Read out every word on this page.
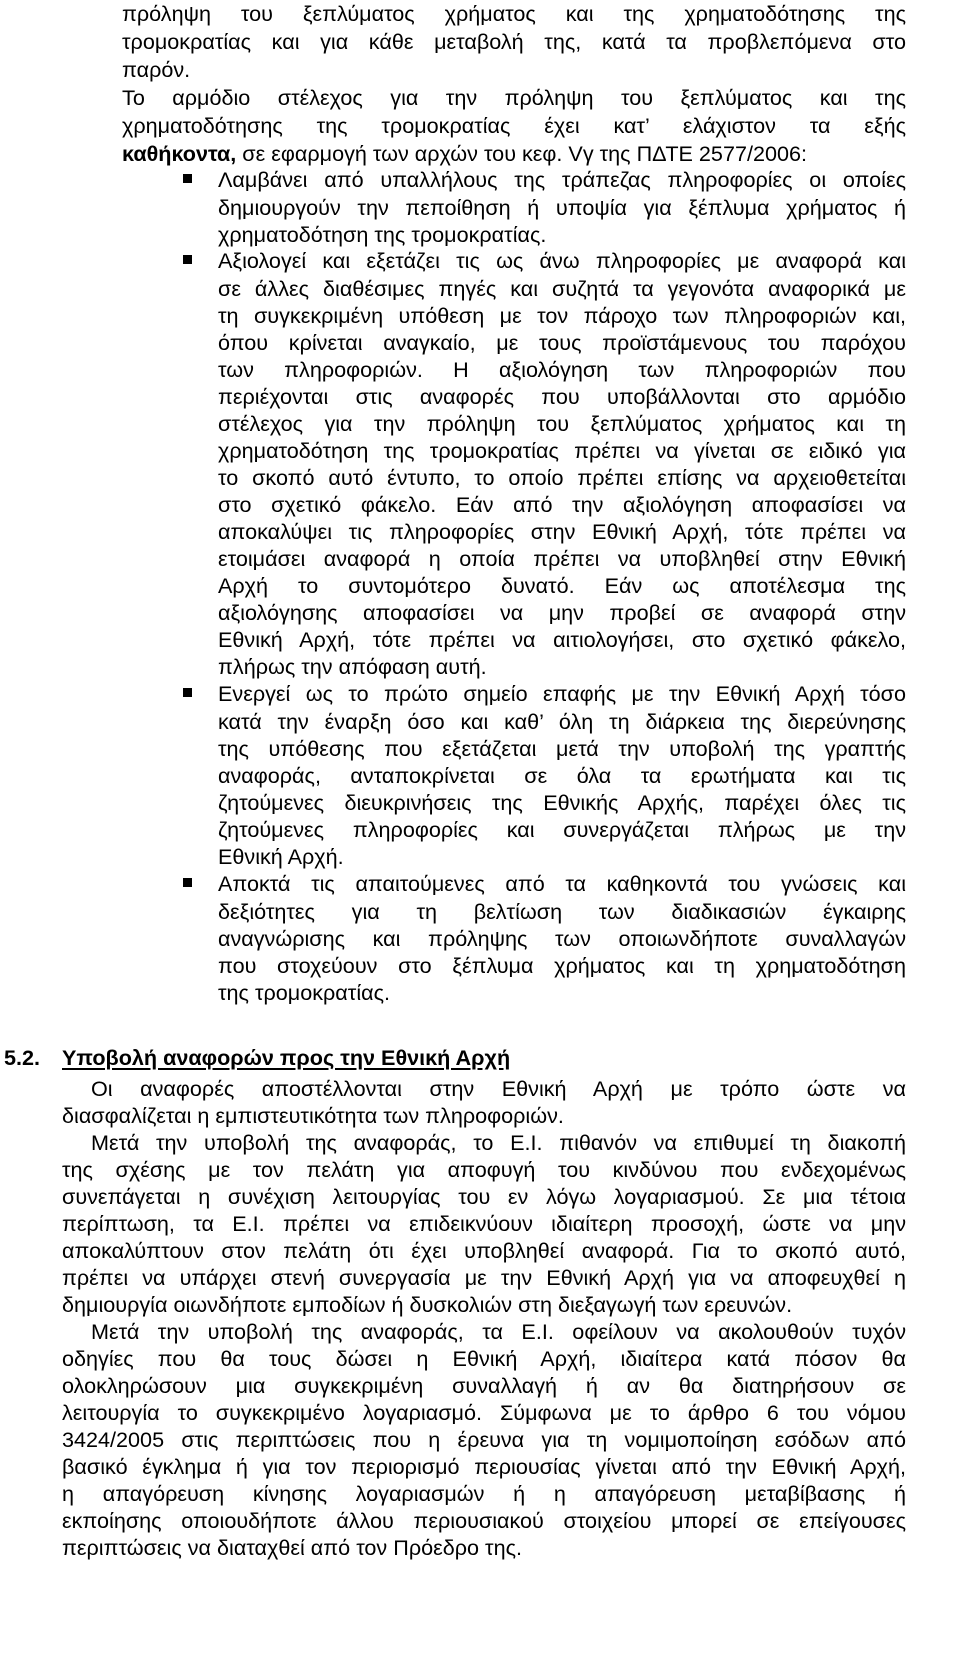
πρόληψη του ξεπλύματος χρήματος και της χρηματοδότησης της
τρομοκρατίας και για κάθε μεταβολή της, κατά τα προβλεπόμενα στο
παρόν.
Το αρμόδιο στέλεχος για την πρόληψη του ξεπλύματος και της
χρηματοδότησης της τρομοκρατίας έχει κατ’ ελάχιστον τα εξής
καθήκοντα, σε εφαρμογή των αρχών του κεφ. Vγ της ΠΔΤΕ 2577/2006:
Λαμβάνει από υπαλλήλους της τράπεζας πληροφορίες οι οποίες
δημιουργούν την πεποίθηση ή υποψία για ξέπλυμα χρήματος ή
χρηματοδότηση της τρομοκρατίας.
Αξιολογεί και εξετάζει τις ως άνω πληροφορίες με αναφορά και
σε άλλες διαθέσιμες πηγές και συζητά τα γεγονότα αναφορικά με
τη συγκεκριμένη υπόθεση με τον πάροχο των πληροφοριών και,
όπου κρίνεται αναγκαίο, με τους προϊστάμενους του παρόχου
των πληροφοριών. Η αξιολόγηση των πληροφοριών που
περιέχονται στις αναφορές που υποβάλλονται στο αρμόδιο
στέλεχος για την πρόληψη του ξεπλύματος χρήματος και τη
χρηματοδότηση της τρομοκρατίας πρέπει να γίνεται σε ειδικό για
το σκοπό αυτό έντυπο, το οποίο πρέπει επίσης να αρχειοθετείται
στο σχετικό φάκελο. Εάν από την αξιολόγηση αποφασίσει να
αποκαλύψει τις πληροφορίες στην Εθνική Αρχή, τότε πρέπει να
ετοιμάσει αναφορά η οποία πρέπει να υποβληθεί στην Εθνική
Αρχή το συντομότερο δυνατό. Εάν ως αποτέλεσμα της
αξιολόγησης αποφασίσει να μην προβεί σε αναφορά στην
Εθνική Αρχή, τότε πρέπει να αιτιολογήσει, στο σχετικό φάκελο,
πλήρως την απόφαση αυτή.
Ενεργεί ως το πρώτο σημείο επαφής με την Εθνική Αρχή τόσο
κατά την έναρξη όσο και καθ’ όλη τη διάρκεια της διερεύνησης
της υπόθεσης που εξετάζεται μετά την υποβολή της γραπτής
αναφοράς, ανταποκρίνεται σε όλα τα ερωτήματα και τις
ζητούμενες διευκρινήσεις της Εθνικής Αρχής, παρέχει όλες τις
ζητούμενες πληροφορίες και συνεργάζεται πλήρως με την
Εθνική Αρχή.
Αποκτά τις απαιτούμενες από τα καθηκοντά του γνώσεις και
δεξιότητες για τη βελτίωση των διαδικασιών έγκαιρης
αναγνώρισης και πρόληψης των οποιωνδήποτε συναλλαγών
που στοχεύουν στο ξέπλυμα χρήματος και τη χρηματοδότηση
της τρομοκρατίας.
5.2. Υποβολή αναφορών προς την Εθνική Αρχή
Οι αναφορές αποστέλλονται στην Εθνική Αρχή με τρόπο ώστε να
διασφαλίζεται η εμπιστευτικότητα των πληροφοριών.
Μετά την υποβολή της αναφοράς, το Ε.Ι. πιθανόν να επιθυμεί τη διακοπή
της σχέσης με τον πελάτη για αποφυγή του κινδύνου που ενδεχομένως
συνεπάγεται η συνέχιση λειτουργίας του εν λόγω λογαριασμού. Σε μια τέτοια
περίπτωση, τα Ε.Ι. πρέπει να επιδεικνύουν ιδιαίτερη προσοχή, ώστε να μην
αποκαλύπτουν στον πελάτη ότι έχει υποβληθεί αναφορά. Για το σκοπό αυτό,
πρέπει να υπάρχει στενή συνεργασία με την Εθνική Αρχή για να αποφευχθεί η
δημιουργία οιωνδήποτε εμποδίων ή δυσκολιών στη διεξαγωγή των ερευνών.
Μετά την υποβολή της αναφοράς, τα Ε.Ι. οφείλουν να ακολουθούν τυχόν
οδηγίες που θα τους δώσει η Εθνική Αρχή, ιδιαίτερα κατά πόσον θα
ολοκληρώσουν μια συγκεκριμένη συναλλαγή ή αν θα διατηρήσουν σε
λειτουργία το συγκεκριμένο λογαριασμό. Σύμφωνα με το άρθρο 6 του νόμου
3424/2005 στις περιπτώσεις που η έρευνα για τη νομιμοποίηση εσόδων από
βασικό έγκλημα ή για τον περιορισμό περιουσίας γίνεται από την Εθνική Αρχή,
η απαγόρευση κίνησης λογαριασμών ή η απαγόρευση μεταβίβασης ή
εκποίησης οποιουδήποτε άλλου περιουσιακού στοιχείου μπορεί σε επείγουσες
περιπτώσεις να διαταχθεί από τον Πρόεδρο της.
